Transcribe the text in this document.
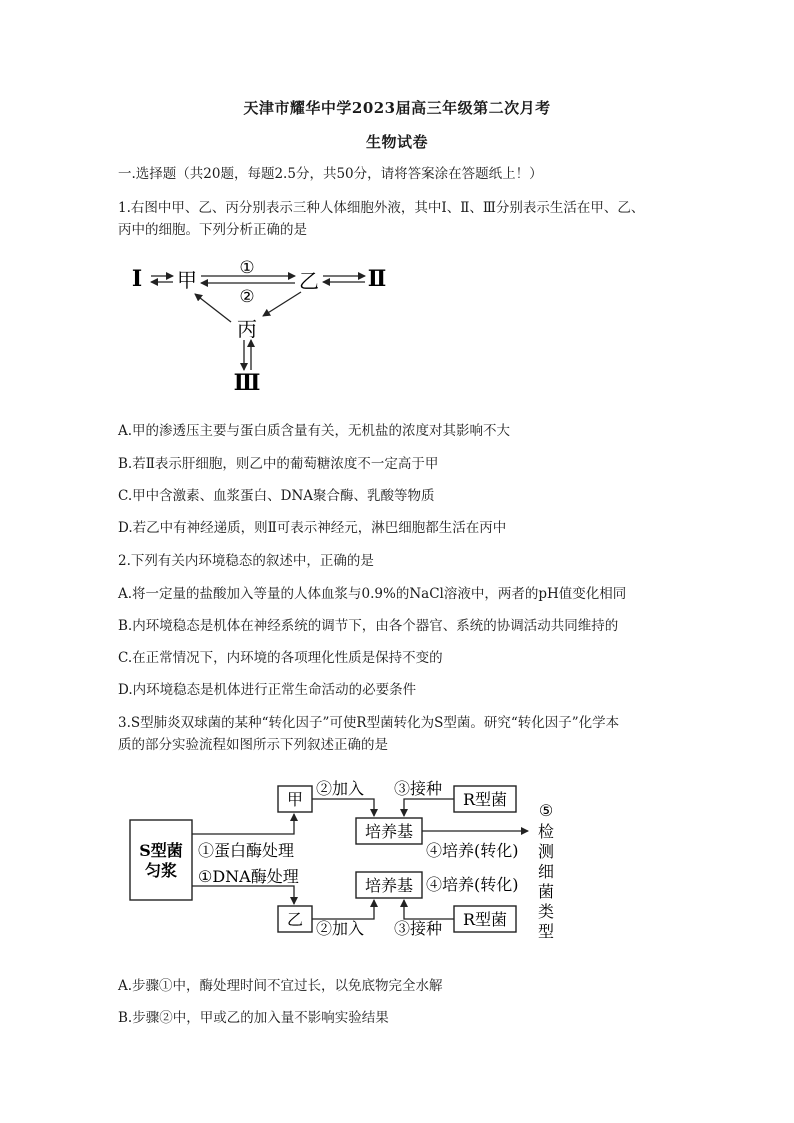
天津市耀华中学2023届高三年级第二次月考
生物试卷
一.选择题（共20题，每题2.5分，共50分，请将答案涂在答题纸上！）
1.右图中甲、乙、丙分别表示三种人体细胞外液，其中Ⅰ、Ⅱ、Ⅲ分别表示生活在甲、乙、
丙中的细胞。下列分析正确的是
Ⅰ 甲	乙 Ⅱ
丙
Ⅲ
①
②
A.甲的渗透压主要与蛋白质含量有关，无机盐的浓度对其影响不大
B.若Ⅱ表示肝细胞，则乙中的葡萄糖浓度不一定高于甲
C.甲中含激素、血浆蛋白、DNA聚合酶、乳酸等物质
D.若乙中有神经递质，则Ⅱ可表示神经元，淋巴细胞都生活在丙中
2.下列有关内环境稳态的叙述中，正确的是
A.将一定量的盐酸加入等量的人体血浆与0.9%的NaCl溶液中，两者的pH值变化相同
B.内环境稳态是机体在神经系统的调节下，由各个器官、系统的协调活动共同维持的
C.在正常情况下，内环境的各项理化性质是保持不变的
D.内环境稳态是机体进行正常生命活动的必要条件
3.S型肺炎双球菌的某种“转化因子”可使R型菌转化为S型菌。研究“转化因子”化学本
质的部分实验流程如图所示下列叙述正确的是
S型菌
匀浆
①蛋白酶处理
①DNA酶处理
甲
乙
②加入
②加入
③接种
③接种
R型菌
R型菌
培养基
培养基
④培养(转化)
④培养(转化)
⑤
检
测
细
菌
类
型
A.步骤①中，酶处理时间不宜过长，以免底物完全水解
B.步骤②中，甲或乙的加入量不影响实验结果
